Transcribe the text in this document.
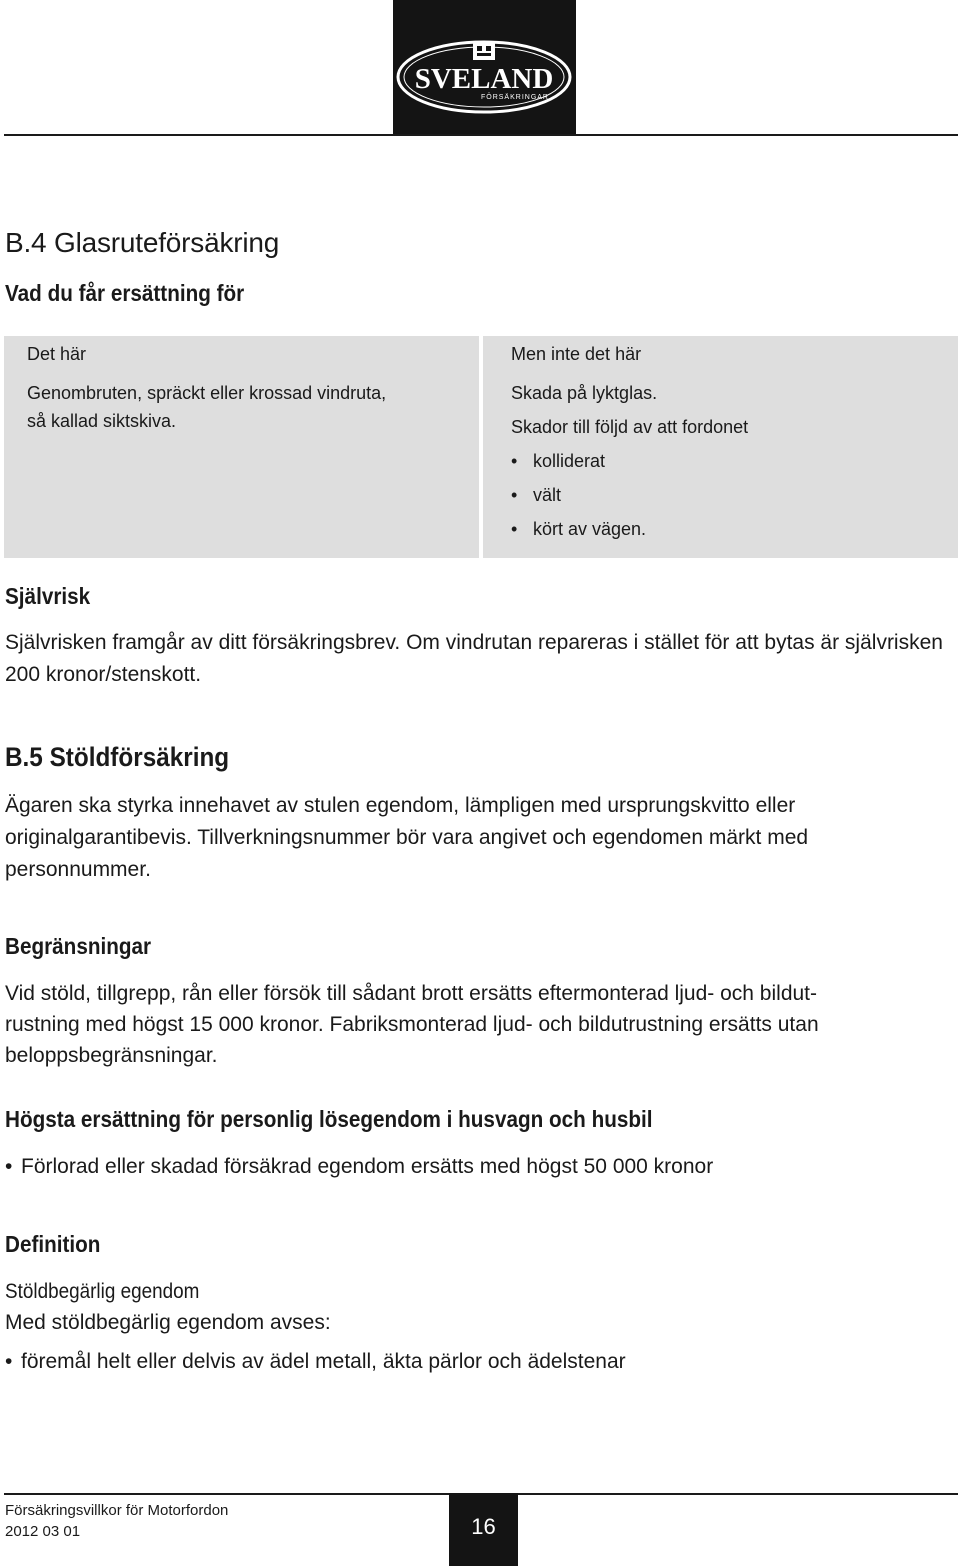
SVELAND
FÖRSÄKRINGAR
B.4 Glasruteförsäkring
Vad du får ersättning för
Det här
Genombruten, spräckt eller krossad vindruta,
så kallad siktskiva.
Men inte det här
Skada på lyktglas.
Skador till följd av att fordonet
• kolliderat
• vält
• kört av vägen.
Självrisk
Självrisken framgår av ditt försäkringsbrev. Om vindrutan repareras i stället för att bytas är självrisken 200 kronor/stenskott.
B.5 Stöldförsäkring
Ägaren ska styrka innehavet av stulen egendom, lämpligen med ursprungskvitto eller originalgarantibevis. Tillverkningsnummer bör vara angivet och egendomen märkt med personnummer.
Begränsningar
Vid stöld, tillgrepp, rån eller försök till sådant brott ersätts eftermonterad ljud- och bildut-
rustning med högst 15 000 kronor. Fabriksmonterad ljud- och bildutrustning ersätts utan
beloppsbegränsningar.
Högsta ersättning för personlig lösegendom i husvagn och husbil
• Förlorad eller skadad försäkrad egendom ersätts med högst 50 000 kronor
Definition
Stöldbegärlig egendom
Med stöldbegärlig egendom avses:
• föremål helt eller delvis av ädel metall, äkta pärlor och ädelstenar
Försäkringsvillkor för Motorfordon
2012 03 01	16
